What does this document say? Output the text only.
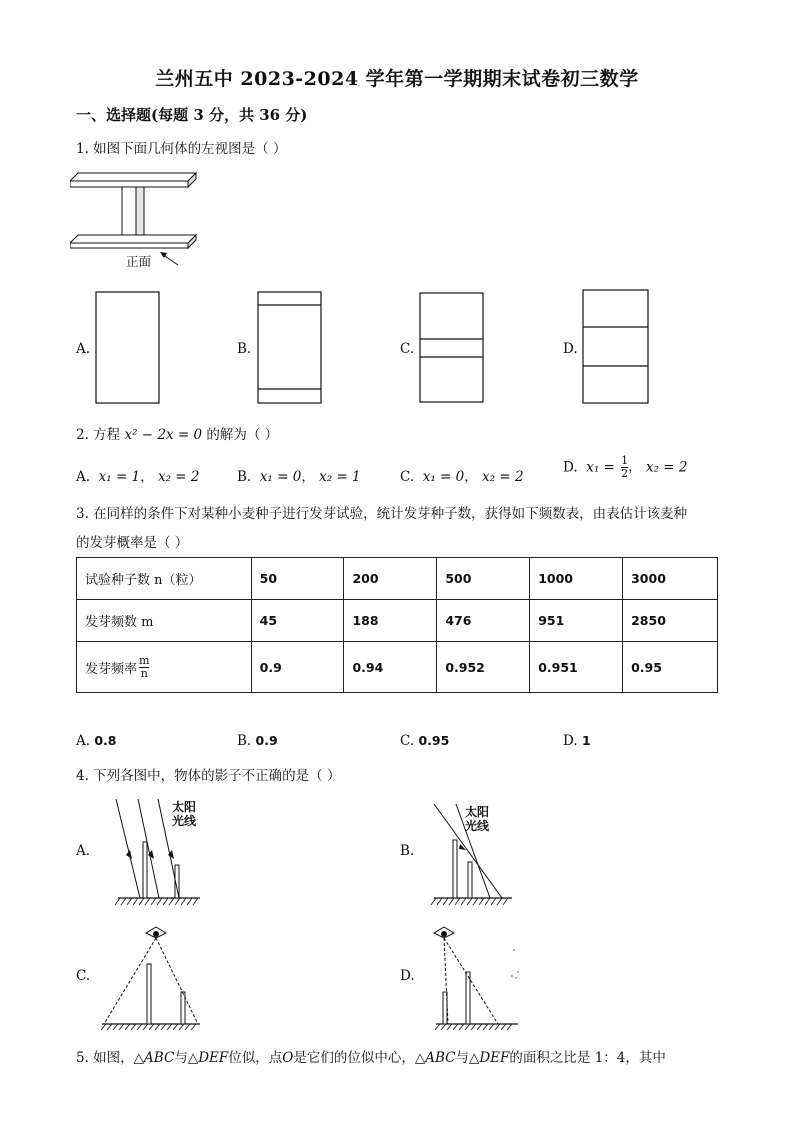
兰州五中 2023-2024 学年第一学期期末试卷初三数学
一、选择题(每题 3 分，共 36 分)
1. 如图下面几何体的左视图是（ ）
正面
A.	B.	C.	D.
2. 方程 x² − 2x = 0 的解为（ ）
A. x₁ = 1， x₂ = 2	B. x₁ = 0， x₂ = 1	C. x₁ = 0， x₂ = 2
D. $x_1 = \frac{1}{2}$ ， x₂ = 2
3. 在同样的条件下对某种小麦种子进行发芽试验，统计发芽种子数，获得如下频数表，由表估计该麦种
的发芽概率是（ ）
试验种子数 n（粒）	50	200	500	1000	3000
发芽频数 m	45	188	476	951	2850
发芽频率 $\frac{m}{n}$	0.9	0.94	0.952	0.951	0.95
A. 0.8	B. 0.9	C. 0.95	D. 1
4. 下列各图中，物体的影子不正确的是（ ）
A.
太阳
光线
B.
太阳
光线
C.	D.
5. 如图，△ABC与△DEF位似，点O是它们的位似中心，△ABC与△DEF的面积之比是 1：4，其中
